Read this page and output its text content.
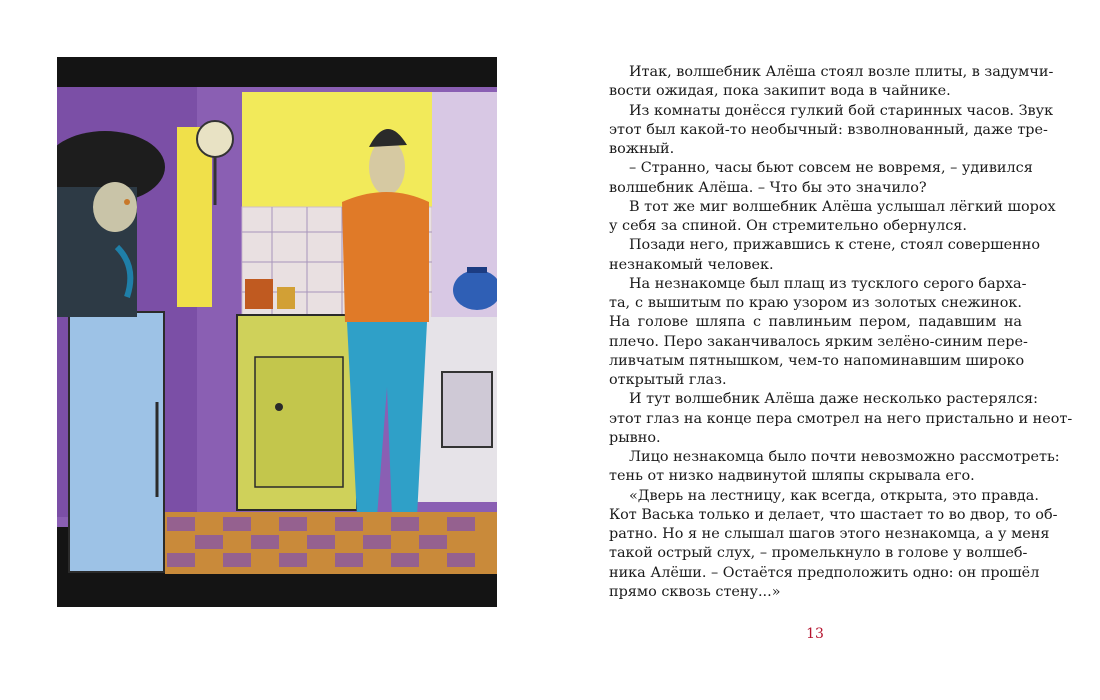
Итак, волшебник Алёша стоял возле плиты, в задумчи-
вости ожидая, пока закипит вода в чайнике.
Из комнаты донёсся гулкий бой старинных часов. Звук
этот был какой-то необычный: взволнованный, даже тре-
вожный.
– Странно, часы бьют совсем не вовремя, – удивился
волшебник Алёша. – Что бы это значило?
В тот же миг волшебник Алёша услышал лёгкий шорох
у себя за спиной. Он стремительно обернулся.
Позади него, прижавшись к стене, стоял совершенно
незнакомый человек.
На незнакомце был плащ из тусклого серого барха-
та, с вышитым по краю узором из золотых снежинок.
На голове шляпа с павлиньим пером, падавшим на
плечо. Перо заканчивалось ярким зелёно-синим пере-
ливчатым пятнышком, чем-то напоминавшим широко
открытый глаз.
И тут волшебник Алёша даже несколько растерялся:
этот глаз на конце пера смотрел на него пристально и неот-
рывно.
Лицо незнакомца было почти невозможно рассмотреть:
тень от низко надвинутой шляпы скрывала его.
«Дверь на лестницу, как всегда, открыта, это правда.
Кот Васька только и делает, что шастает то во двор, то об-
ратно. Но я не слышал шагов этого незнакомца, а у меня
такой острый слух, – промелькнуло в голове у волшеб-
ника Алёши. – Остаётся предположить одно: он прошёл
прямо сквозь стену...»
13
